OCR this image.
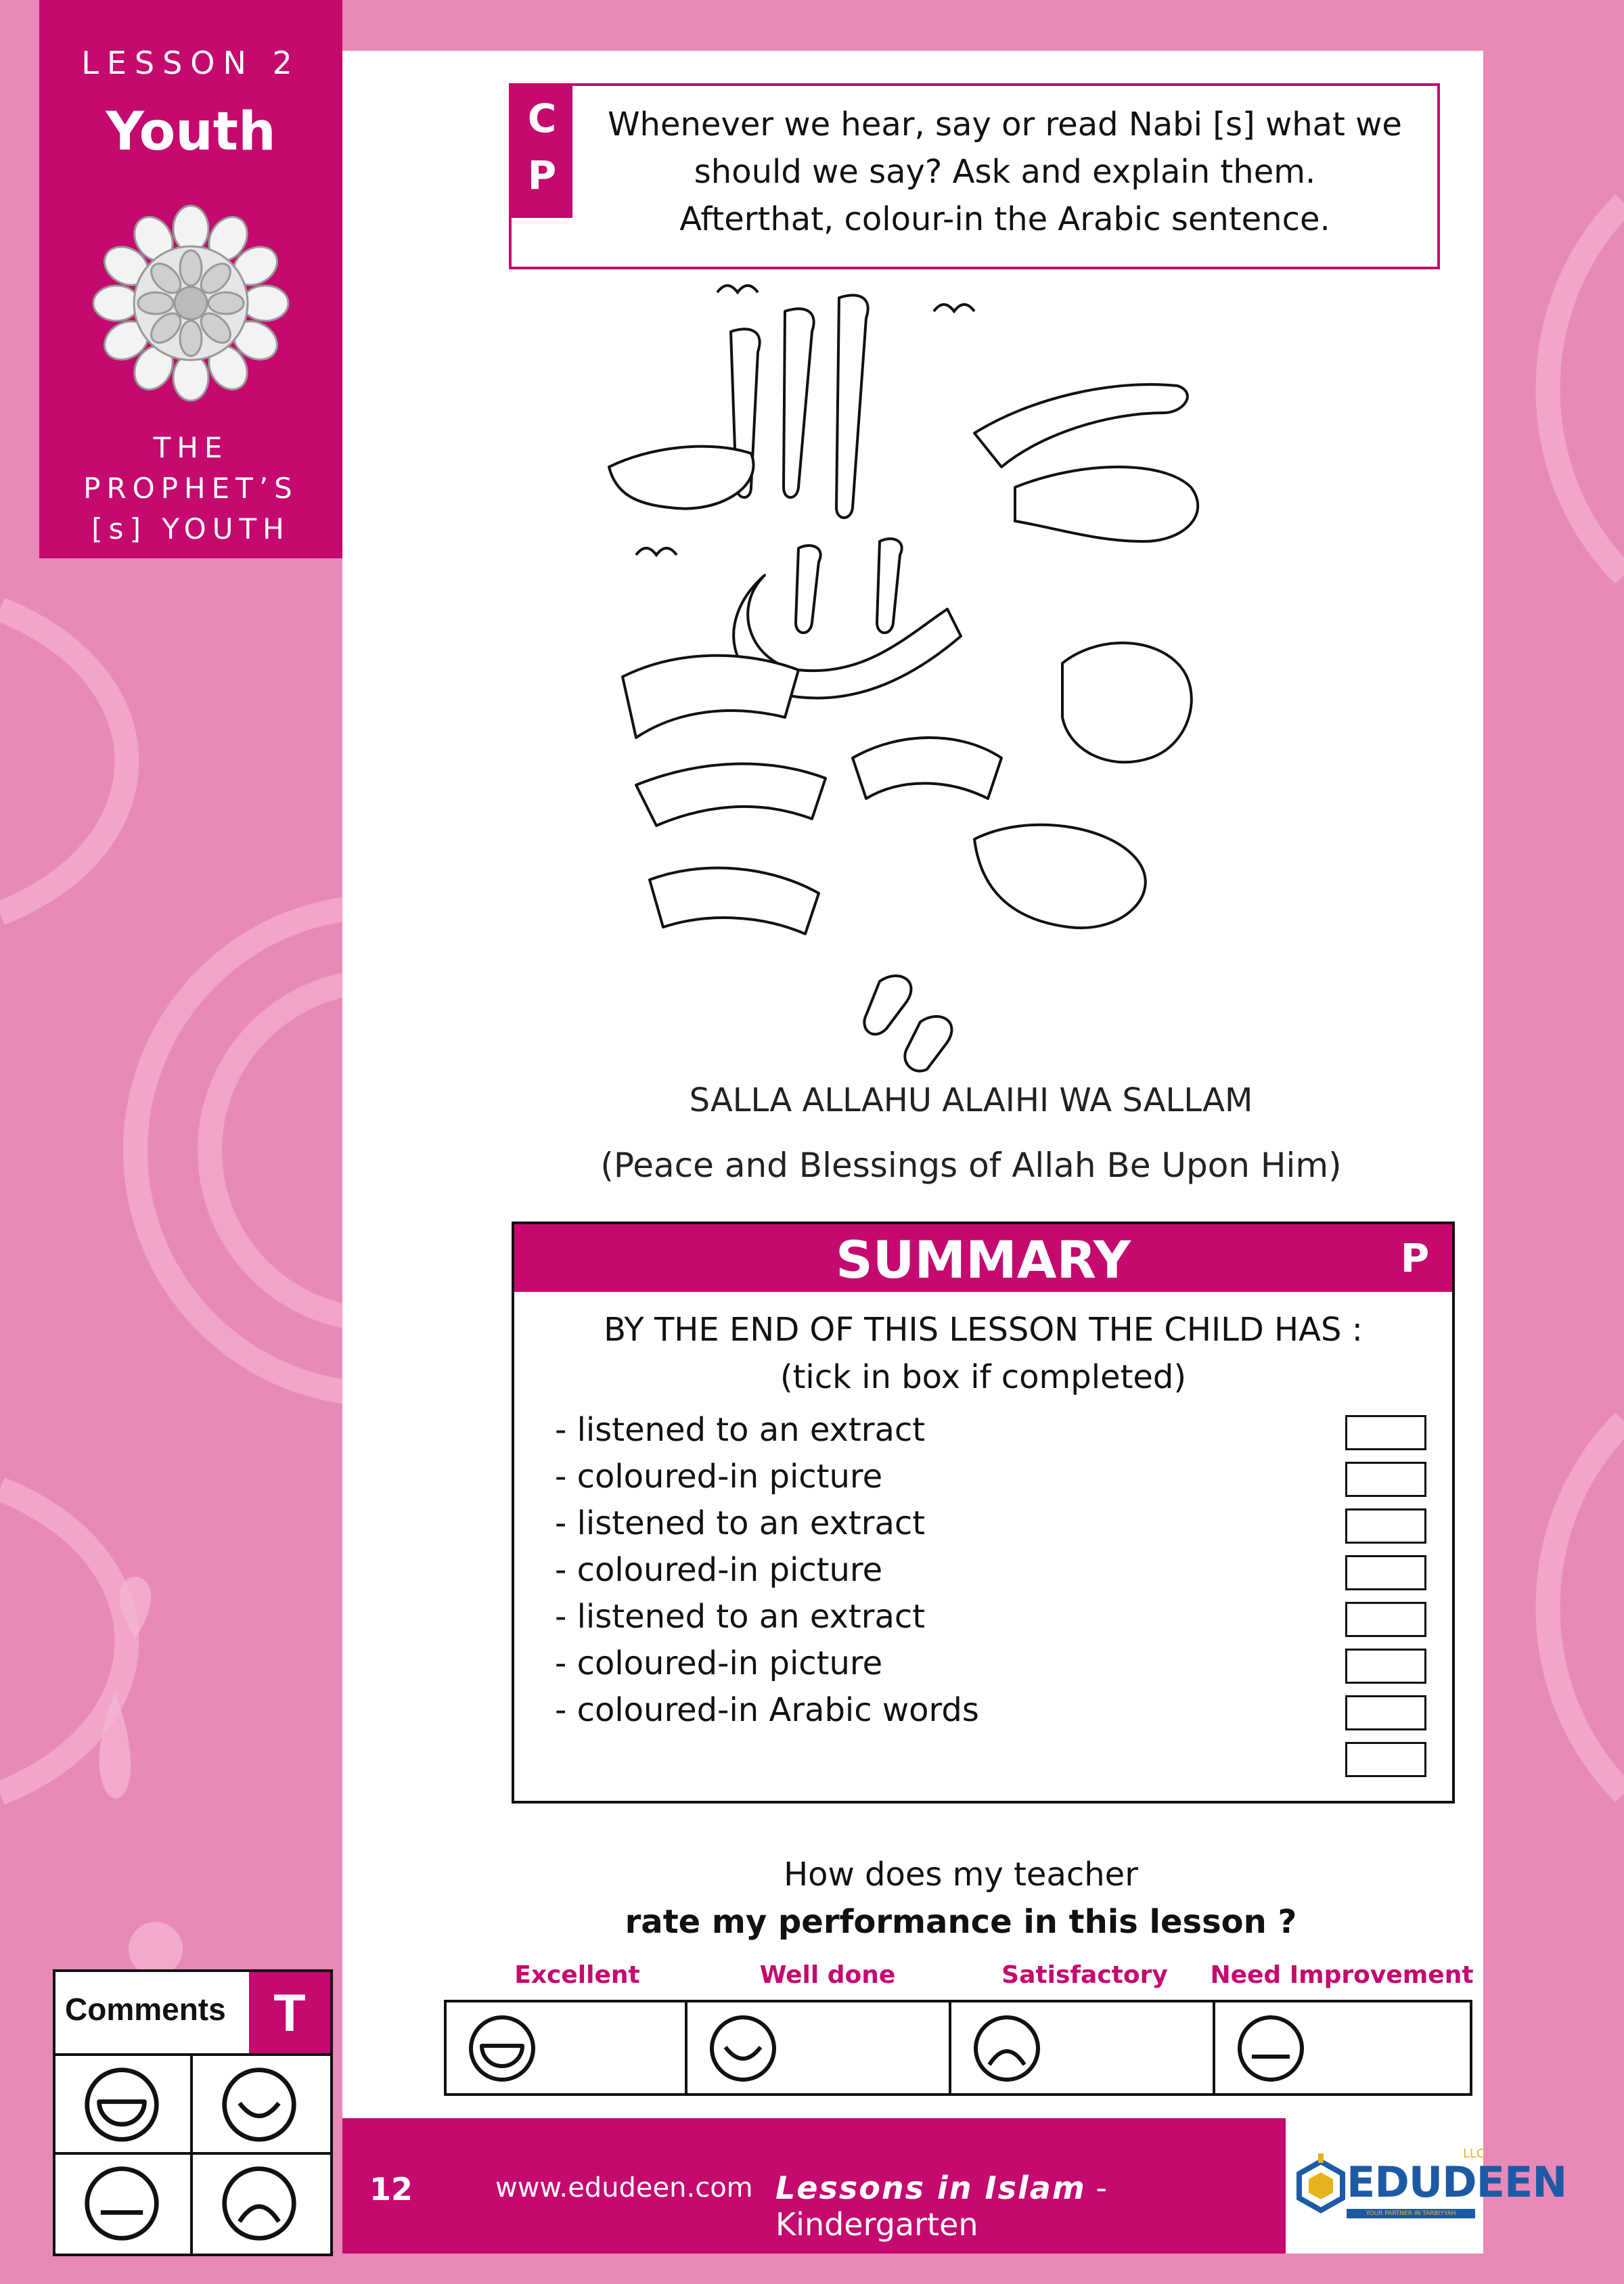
LESSON 2
Youth
THE
PROPHET’S
[s] YOUTH
C
P
Whenever we hear, say or read Nabi [s] what we
should we say? Ask and explain them.
Afterthat, colour-in the Arabic sentence.
SALLA ALLAHU ALAIHI WA SALLAM
(Peace and Blessings of Allah Be Upon Him)
SUMMARY	P
BY THE END OF THIS LESSON THE CHILD HAS :
(tick in box if completed)
- listened to an extract
- coloured-in picture
- listened to an extract
- coloured-in picture
- listened to an extract
- coloured-in picture
- coloured-in Arabic words
How does my teacher
rate my performance in this lesson ?
Excellent	Well done	Satisfactory	Need Improvement
Comments T
12	www.edudeen.com Lessons in Islam - Kindergarten
LLC
EDUDEEN
YOUR PARTNER IN TARBIYYAH
